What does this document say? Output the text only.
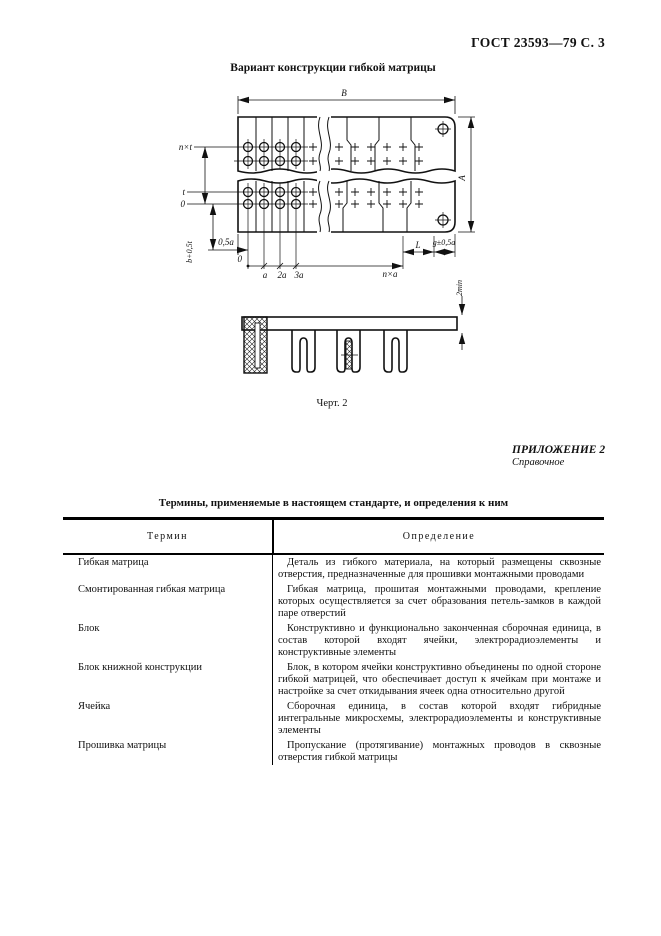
ГОСТ 23593—79 С. 3
Вариант конструкции гибкой матрицы
В
А
n×t
t
0
b+0,5t	0,5a
0
a 2a 3a	n×a
L g±0,5a
2min
Черт. 2
ПРИЛОЖЕНИЕ 2
Справочное
Термины, применяемые в настоящем стандарте, и определения к ним
Термин	Определение
Гибкая матрица	Деталь из гибкого материала, на который размещены сквозные отверстия, предназначенные для прошивки монтажными проводами
Смонтированная гибкая матрица	Гибкая матрица, прошитая монтажными проводами, крепление которых осуществляется за счет образования петель-замков в каждой паре отверстий
Блок	Конструктивно и функционально законченная сборочная единица, в состав которой входят ячейки, электрорадиоэлементы и конструктивные элементы
Блок книжной конструкции	Блок, в котором ячейки конструктивно объединены по одной стороне гибкой матрицей, что обеспечивает доступ к ячейкам при монтаже и настройке за счет откидывания ячеек одна относительно другой
Ячейка	Сборочная единица, в состав которой входят гибридные интегральные микросхемы, электрорадиоэлементы и конструктивные элементы
Прошивка матрицы	Пропускание (протягивание) монтажных проводов в сквозные отверстия гибкой матрицы
